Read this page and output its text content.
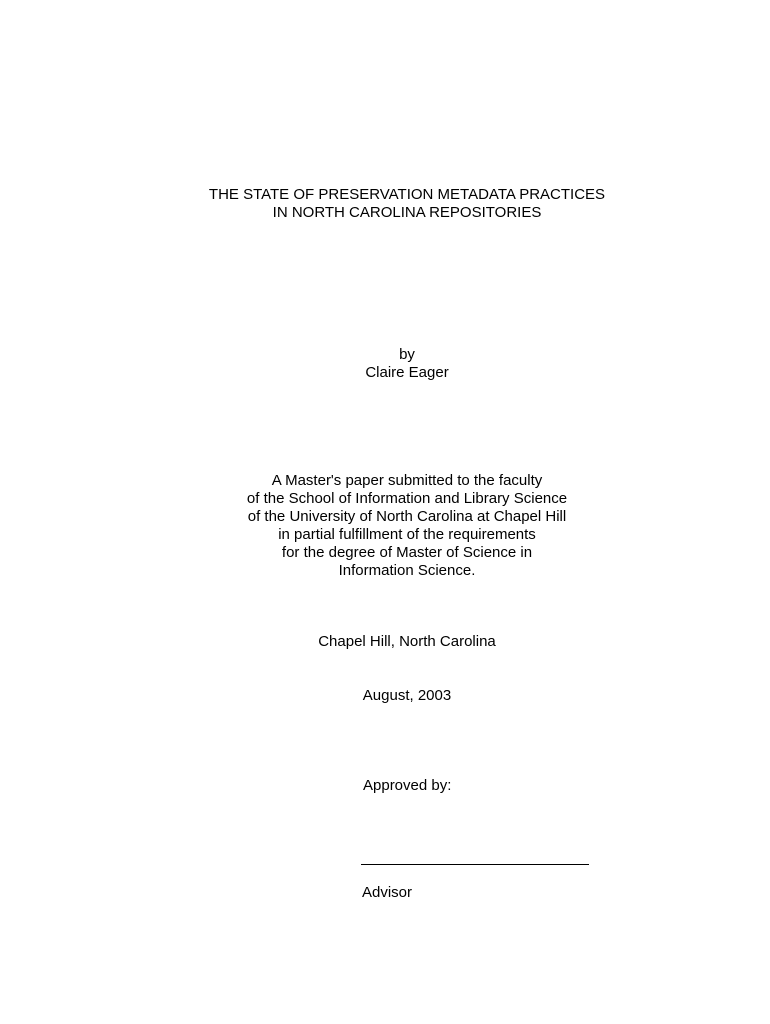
THE STATE OF PRESERVATION METADATA PRACTICES
IN NORTH CAROLINA REPOSITORIES
by
Claire Eager
A Master's paper submitted to the faculty
of the School of Information and Library Science
of the University of North Carolina at Chapel Hill
in partial fulfillment of the requirements
for the degree of Master of Science in
Information Science.
Chapel Hill, North Carolina
August, 2003
Approved by:
Advisor
